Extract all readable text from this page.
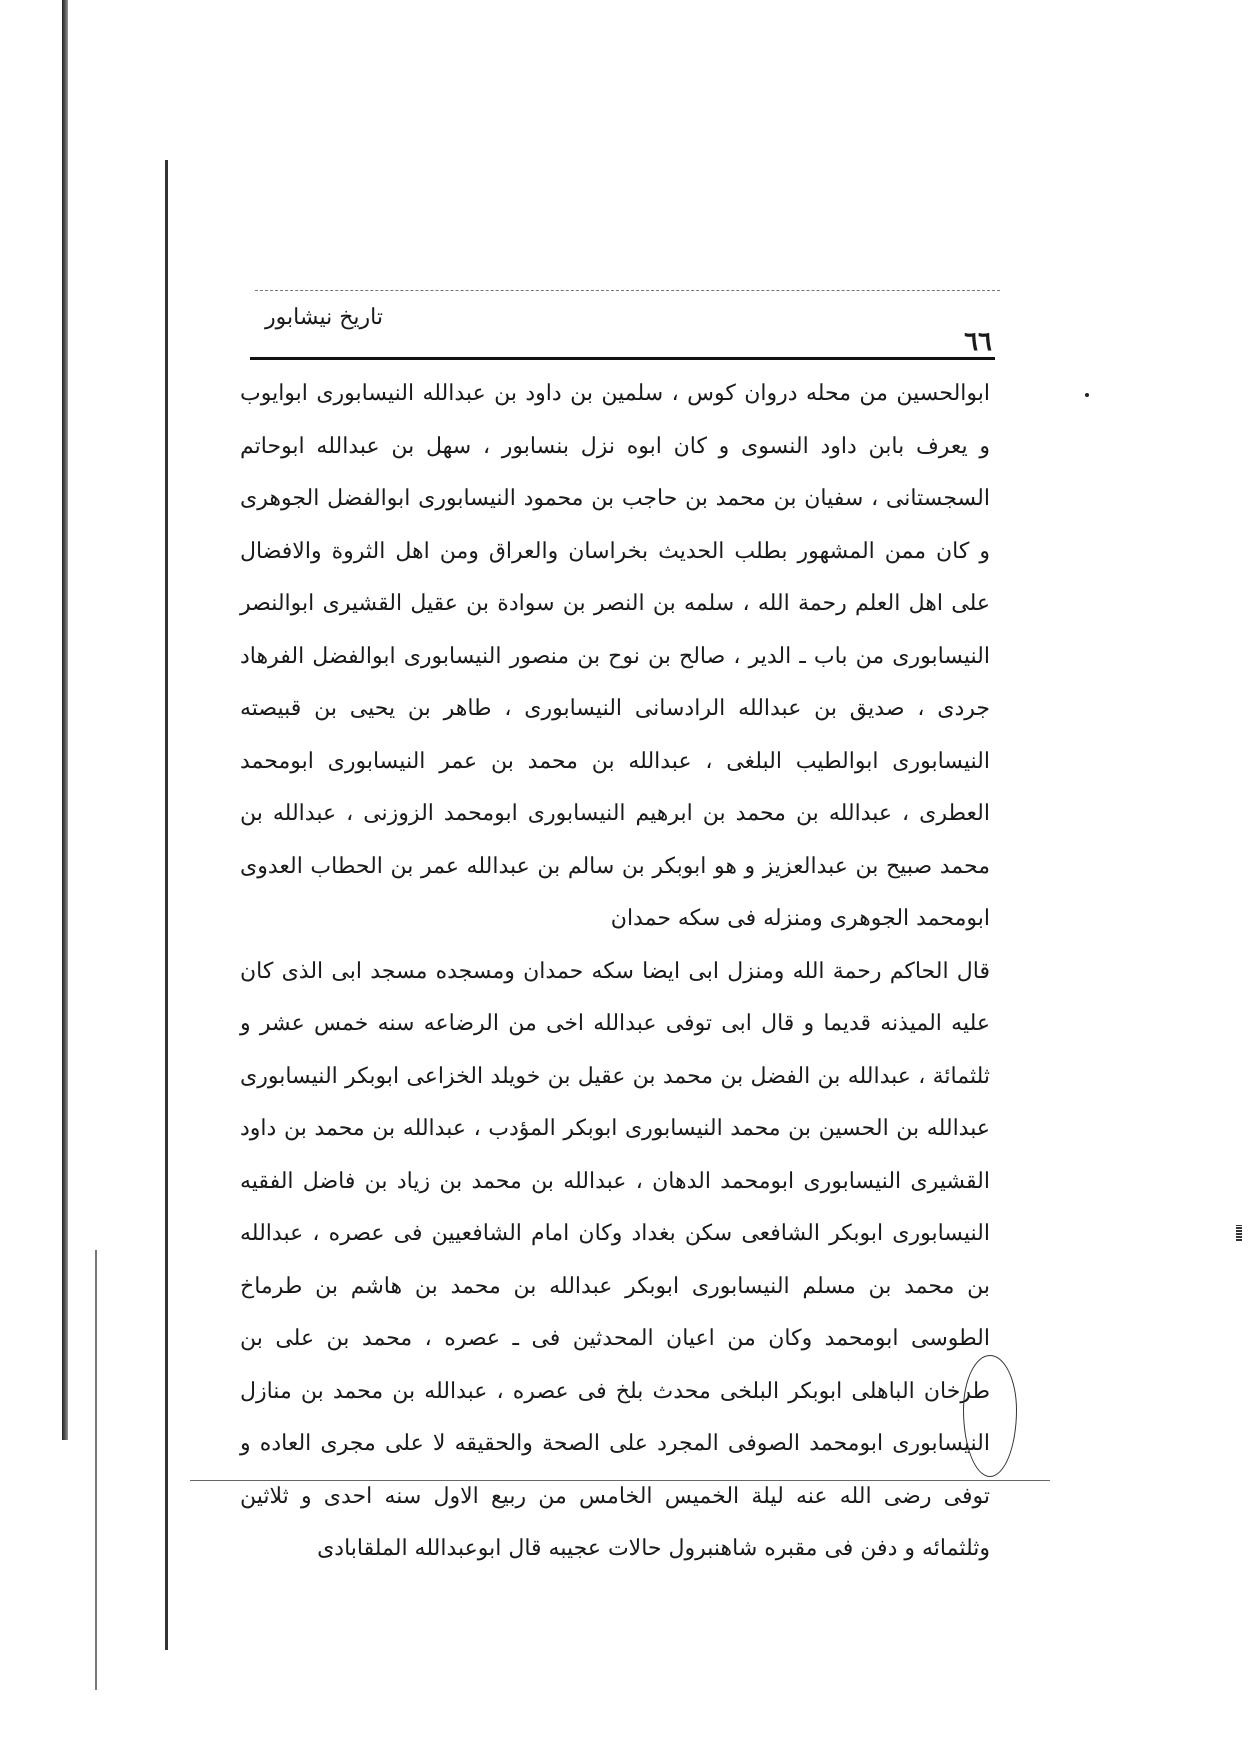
تاریخ نیشابور
٦٦

ابوالحسین من محله دروان کوس ، سلمین بن داود بن عبدالله النیسابوری ابوایوب و یعرف بابن داود النسوی و کان ابوه نزل بنسابور ، سهل بن عبدالله ابوحاتم السجستانی ، سفیان بن محمد بن حاجب بن محمود النیسابوری ابوالفضل الجوهری و کان ممن المشهور بطلب الحدیث بخراسان والعراق ومن اهل الثروة والافضال علی اهل العلم رحمة الله ، سلمه بن النصر بن سوادة بن عقیل القشیری ابوالنصر النیسابوری من باب ـ الدیر ، صالح بن نوح بن منصور النیسابوری ابوالفضل الفرهاد جردی ، صدیق بن عبدالله الرادسانی النیسابوری ، طاهر بن یحیی بن قبیصته النیسابوری ابوالطیب البلغی ، عبدالله بن محمد بن عمر النیسابوری ابومحمد العطری ، عبدالله بن محمد بن ابرهیم النیسابوری ابومحمد الزوزنی ، عبدالله بن محمد صبیح بن عبدالعزیز و هو ابوبکر بن سالم بن عبدالله عمر بن الحطاب العدوی ابومحمد الجوهری ومنزله فی سکه حمدان

قال الحاکم رحمة الله ومنزل ابی ایضا سکه حمدان ومسجده مسجد ابی الذی کان علیه المیذنه قدیما و قال ابی توفی عبدالله اخی من الرضاعه سنه خمس عشر و ثلثمائة ، عبدالله بن الفضل بن محمد بن عقیل بن خویلد الخزاعی ابوبکر النیسابوری عبدالله بن الحسین بن محمد النیسابوری ابوبکر المؤدب ، عبدالله بن محمد بن داود القشیری النیسابوری ابومحمد الدهان ، عبدالله بن محمد بن زیاد بن فاضل الفقیه النیسابوری ابوبکر الشافعی سکن بغداد وکان امام الشافعیین فی عصره ، عبدالله بن محمد بن مسلم النیسابوری ابوبکر عبدالله بن محمد بن هاشم بن طرماخ الطوسی ابومحمد وکان من اعیان المحدثین فی ـ عصره ، محمد بن علی بن طرخان الباهلی ابوبکر البلخی محدث بلخ فی عصره ، عبدالله بن محمد بن منازل النیسابوری ابومحمد الصوفی المجرد علی الصحة والحقیقه لا علی مجری العاده و توفی رضی الله عنه لیلة الخمیس الخامس من ربیع الاول سنه احدی و ثلاثین وثلثمائه و دفن فی مقبره شاهنبرول حالات عجیبه قال ابوعبدالله الملقابادی
